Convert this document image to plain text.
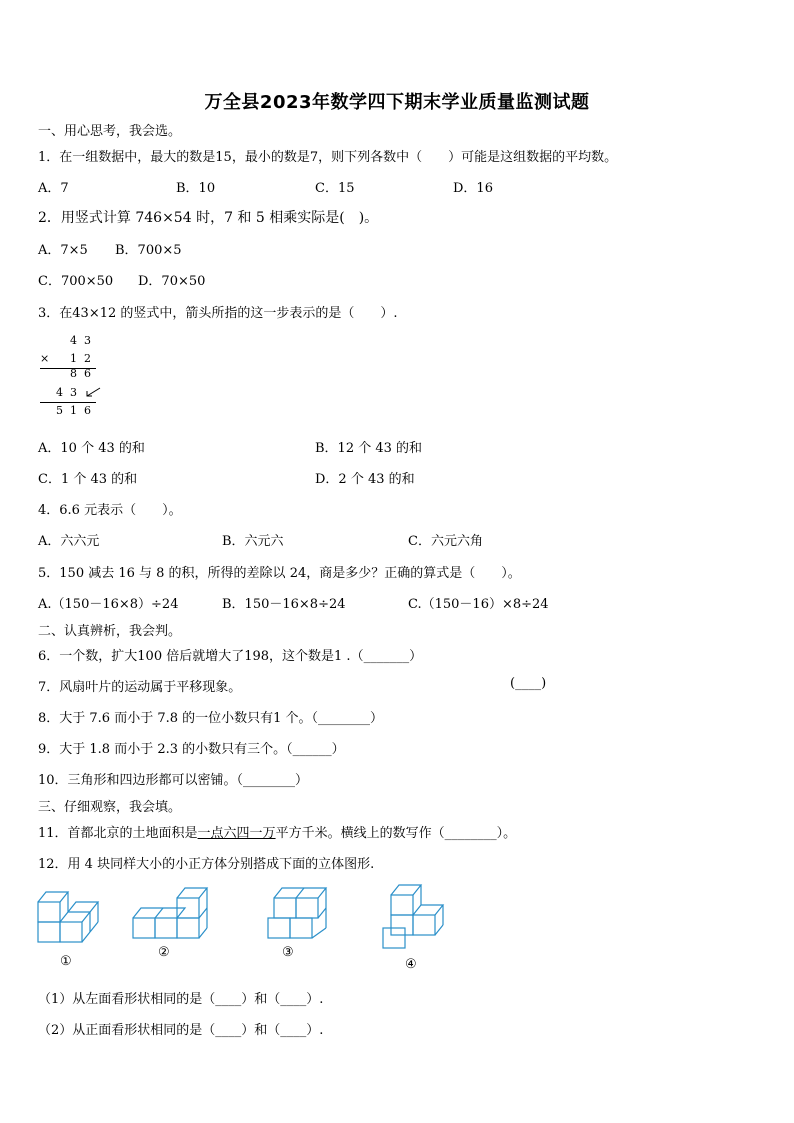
万全县2023年数学四下期末学业质量监测试题
一、用心思考，我会选。
1．在一组数据中，最大的数是15，最小的数是7，则下列各数中（　　）可能是这组数据的平均数。
A．7	B．10	C．15	D．16
2．用竖式计算 746×54 时，7 和 5 相乘实际是(　)。
A．7×5 B．700×5
C．700×50 D．70×50
3．在43×12 的竖式中，箭头所指的这一步表示的是（　　）.
4 3
× 1 2
8 6
4 3
5 1 6
A．10 个 43 的和	B．12 个 43 的和
C．1 个 43 的和	D．2 个 43 的和
4．6.6 元表示（　　）。
A．六六元	B．六元六	C．六元六角
5．150 减去 16 与 8 的积，所得的差除以 24，商是多少？正确的算式是（　　）。
A.（150－16×8）÷24	B．150－16×8÷24	C.（150－16）×8÷24
二、认真辨析，我会判。
6．一个数，扩大100 倍后就增大了198，这个数是1 .（_______）
7．风扇叶片的运动属于平移现象。	(____)
8．大于 7.6 而小于 7.8 的一位小数只有1 个。（________）
9．大于 1.8 而小于 2.3 的小数只有三个。（______）
10．三角形和四边形都可以密铺。（________）
三、仔细观察，我会填。
11．首都北京的土地面积是一点六四一万平方千米。横线上的数写作（________）。
12．用 4 块同样大小的小正方体分别搭成下面的立体图形.
①
②	③
④
（1）从左面看形状相同的是（____）和（____）.
（2）从正面看形状相同的是（____）和（____）.
